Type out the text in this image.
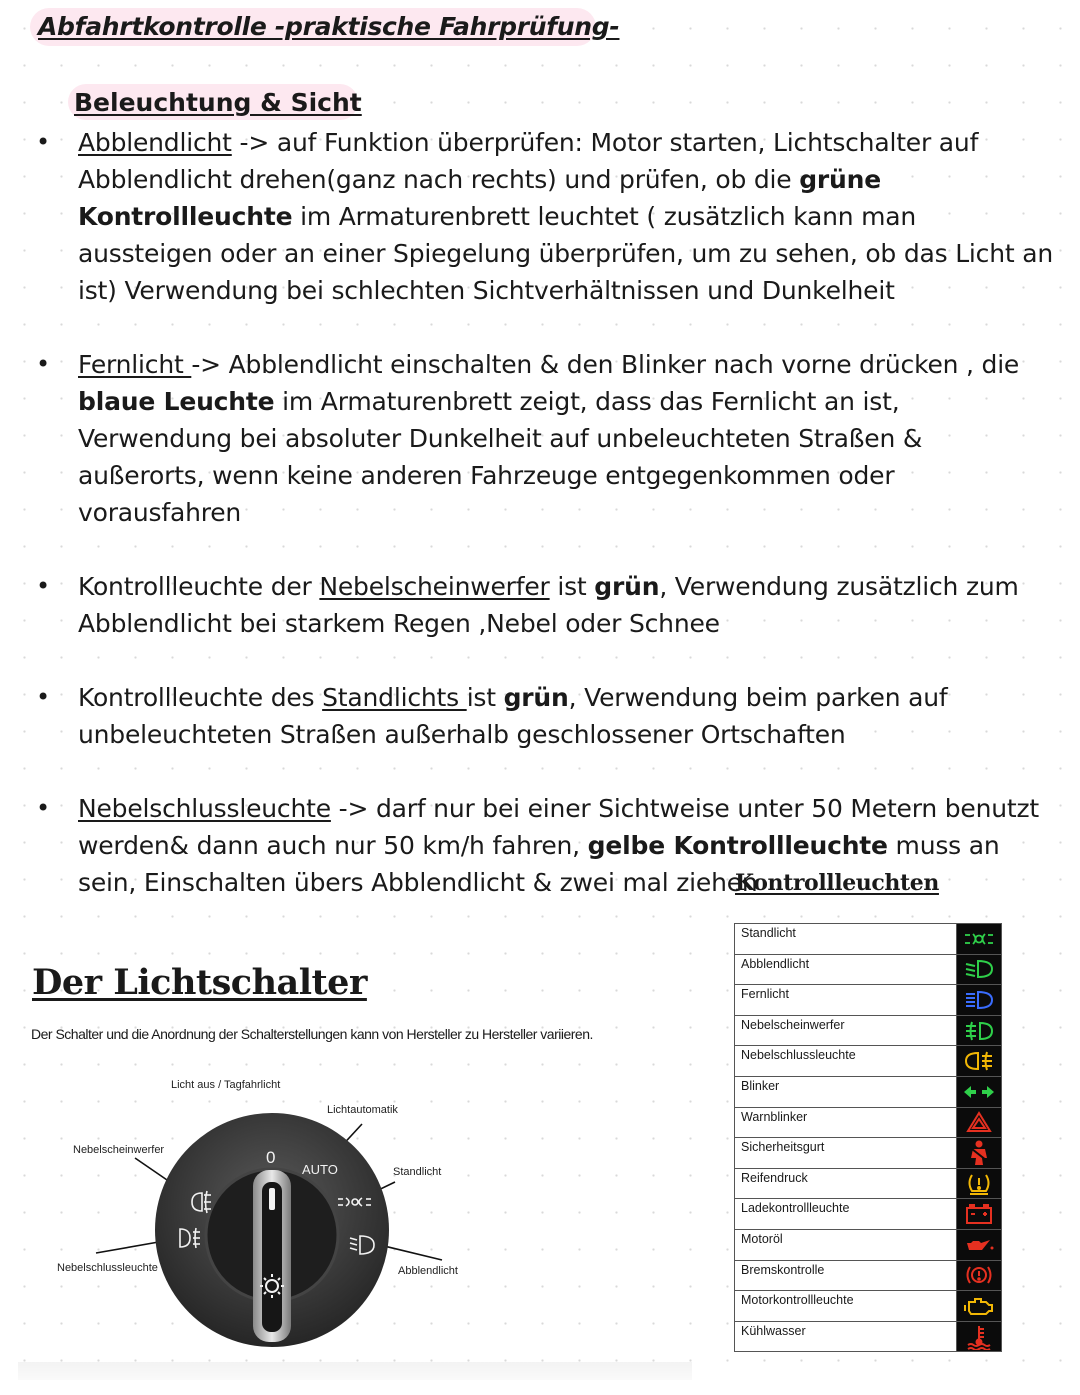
Abfahrtkontrolle -praktische Fahrprüfung-
Beleuchtung & Sicht
• Abblendlicht -> auf Funktion überprüfen: Motor starten, Lichtschalter auf Abblendlicht drehen(ganz nach rechts) und prüfen, ob die grüne Kontrollleuchte im Armaturenbrett leuchtet ( zusätzlich kann man aussteigen oder an einer Spiegelung überprüfen, um zu sehen, ob das Licht an ist) Verwendung bei schlechten Sichtverhältnissen und Dunkelheit
• Fernlicht -> Abblendlicht einschalten & den Blinker nach vorne drücken , die blaue Leuchte im Armaturenbrett zeigt, dass das Fernlicht an ist, Verwendung bei absoluter Dunkelheit auf unbeleuchteten Straßen & außerorts, wenn keine anderen Fahrzeuge entgegenkommen oder vorausfahren
• Kontrollleuchte der Nebelscheinwerfer ist grün, Verwendung zusätzlich zum Abblendlicht bei starkem Regen ,Nebel oder Schnee
• Kontrollleuchte des Standlichts ist grün, Verwendung beim parken auf unbeleuchteten Straßen außerhalb geschlossener Ortschaften
• Nebelschlussleuchte -> darf nur bei einer Sichtweise unter 50 Metern benutzt werden& dann auch nur 50 km/h fahren, gelbe Kontrollleuchte muss an sein, Einschalten übers Abblendlicht & zwei mal ziehen
Der Lichtschalter
Der Schalter und die Anordnung der Schalterstellungen kann von Hersteller zu Hersteller variieren.
0
AUTO
Licht aus / Tagfahrlicht
Lichtautomatik
Nebelscheinwerfer
Standlicht
Nebelschlussleuchte	Abblendlicht
Kontrollleuchten
Standlicht	

Abblendlicht	

Fernlicht	

Nebelscheinwerfer	

Nebelschlussleuchte	

Blinker	

Warnblinker	

Sicherheitsgurt	

Reifendruck	

Ladekontrollleuchte	

Motoröl	

Bremskontrolle	

Motorkontrollleuchte	

Kühlwasser	
